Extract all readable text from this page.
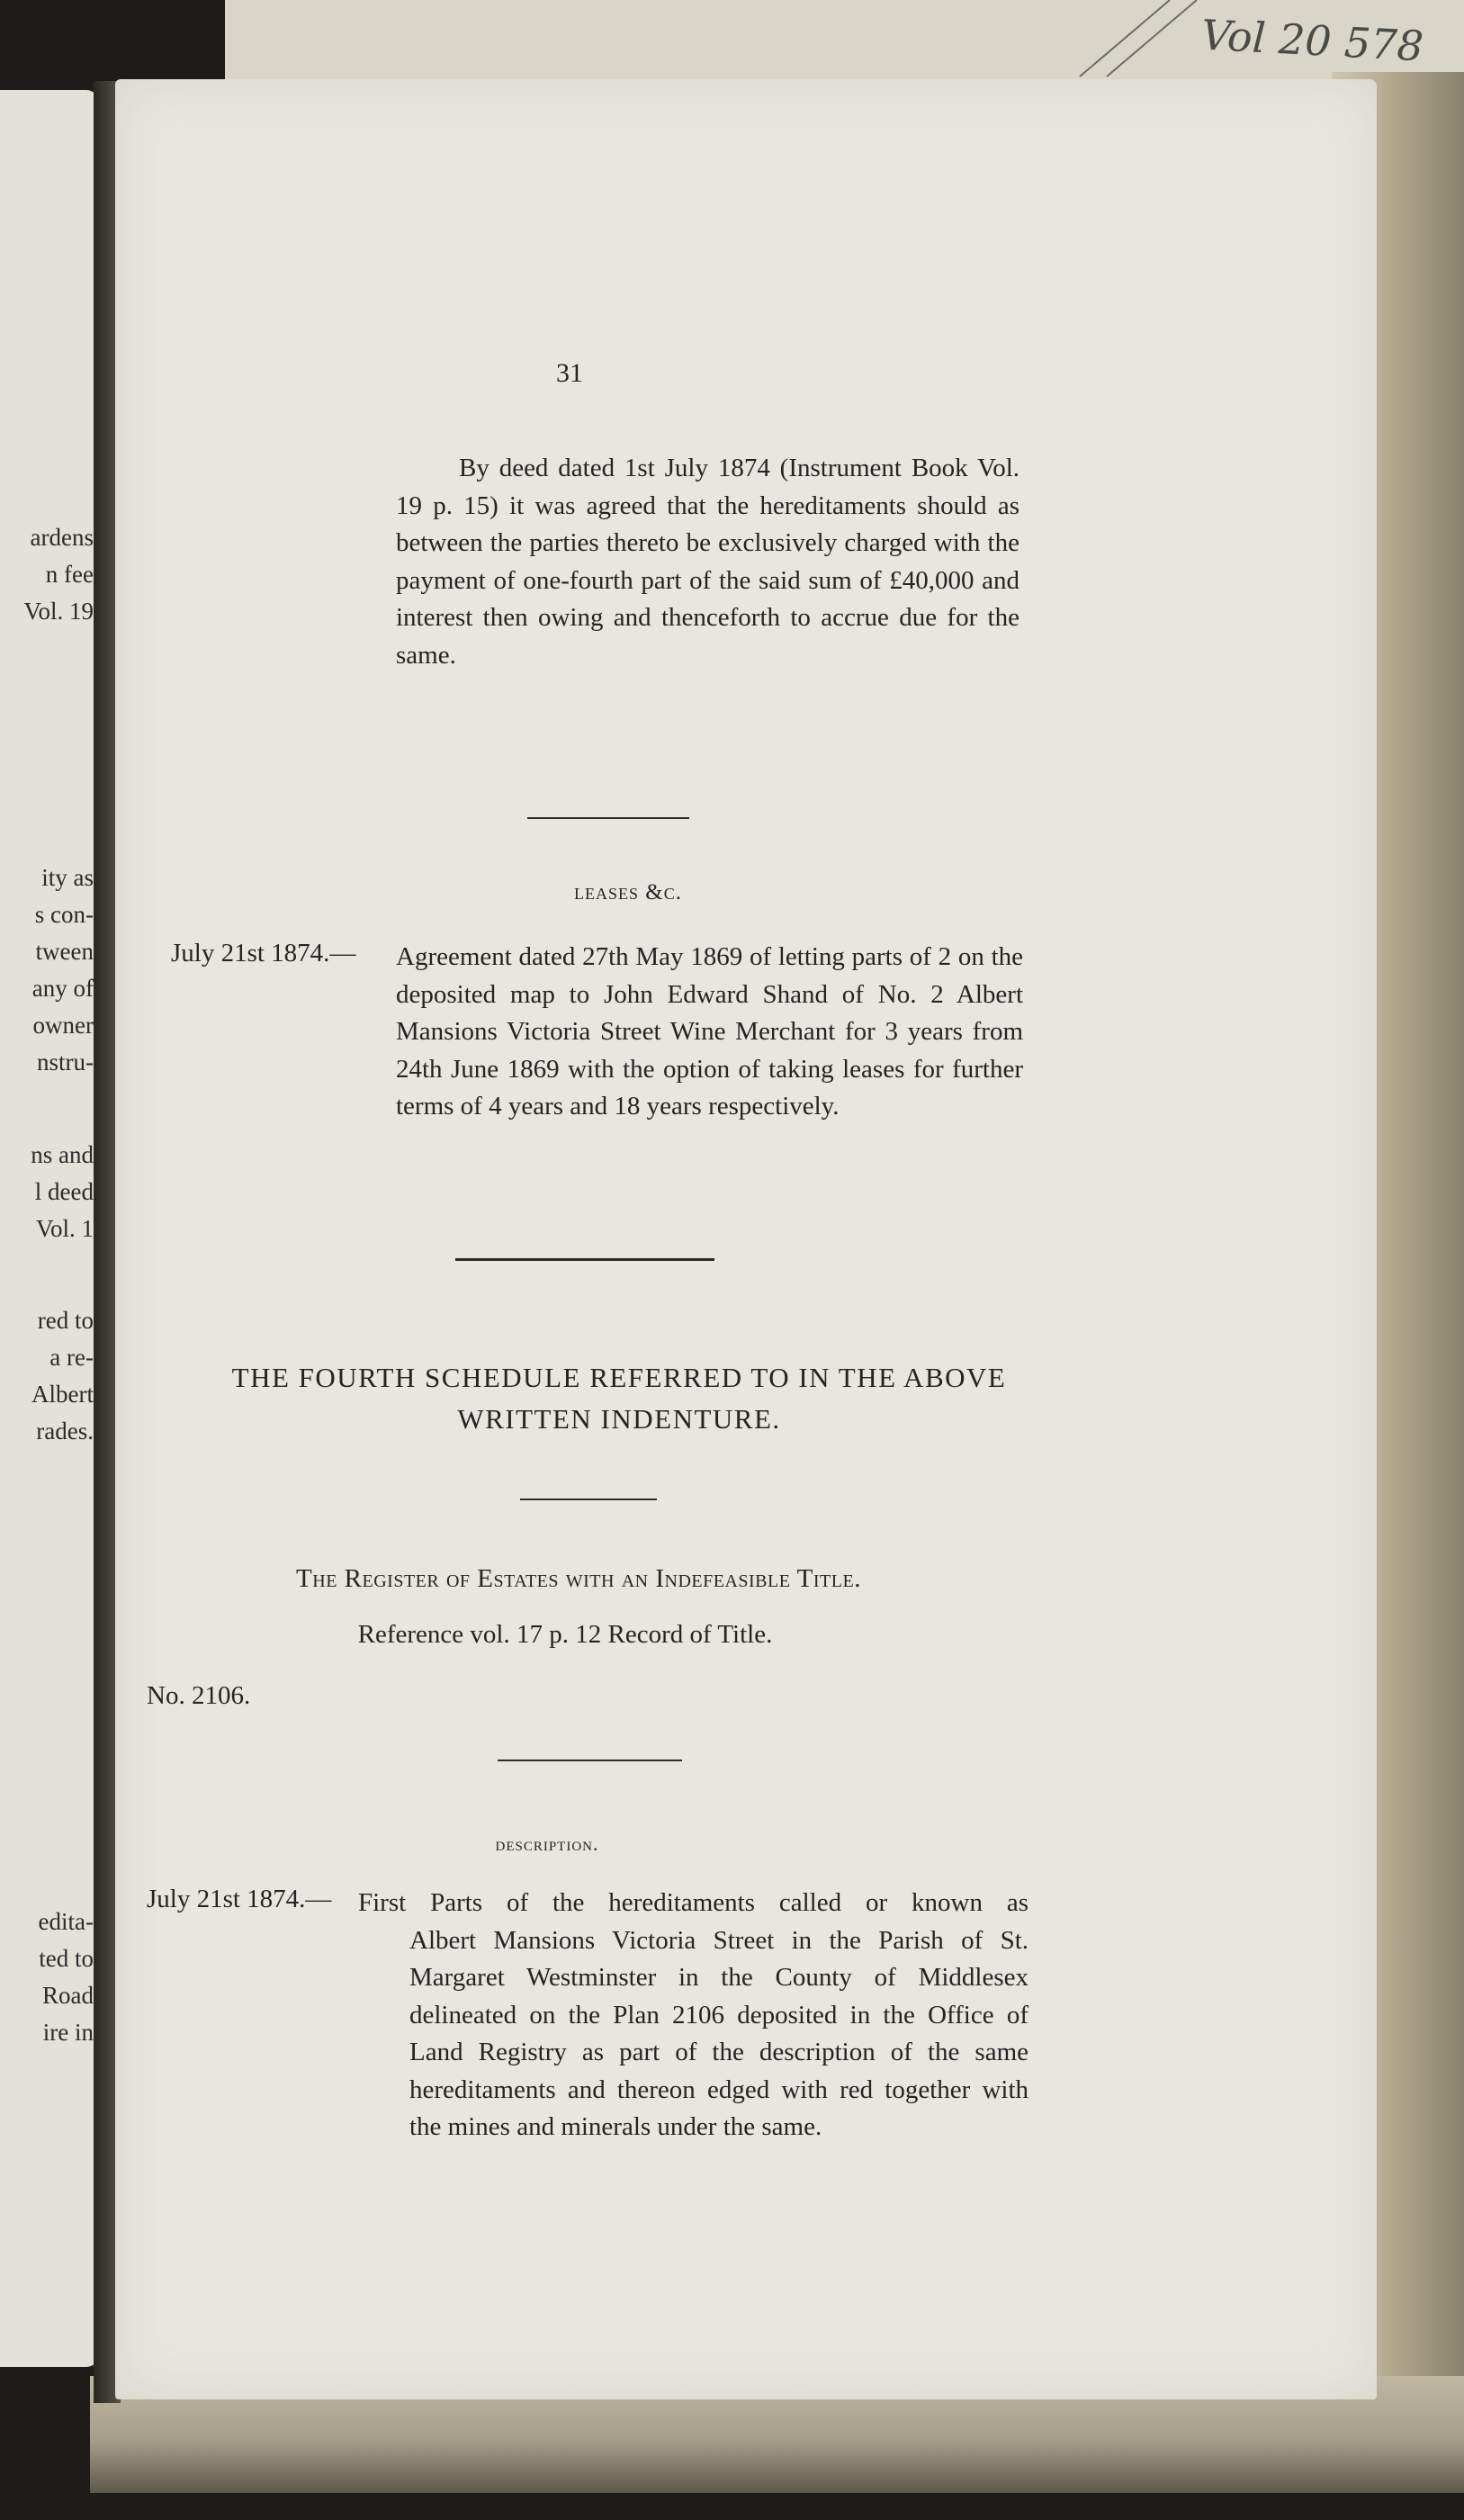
Vol 20 578
ardens
n fee
Vol. 19
ity as
s con-
tween
any of
owner
nstru-
ns and
l deed
Vol. 1
red to
a re-
Albert
rades.
edita-
ted to
Road
ire in
31
By deed dated 1st July 1874 (Instrument Book Vol. 19 p. 15) it was agreed that the hereditaments should as between the parties thereto be exclusively charged with the payment of one-fourth part of the said sum of £40,000 and interest then owing and thenceforth to accrue due for the same.
leases &c.
July 21st 1874.— Agreement dated 27th May 1869 of letting parts of 2 on the deposited map to John Edward Shand of No. 2 Albert Mansions Victoria Street Wine Merchant for 3 years from 24th June 1869 with the option of taking leases for further terms of 4 years and 18 years respectively.
THE FOURTH SCHEDULE REFERRED TO IN THE ABOVE
WRITTEN INDENTURE.
The Register of Estates with an Indefeasible Title.
Reference vol. 17 p. 12 Record of Title.
No. 2106.
description.
July 21st 1874.— First Parts of the hereditaments called or known as
Albert Mansions Victoria Street in the Parish of St. Margaret Westminster in the County of Middlesex delineated on the Plan 2106 deposited in the Office of Land Registry as part of the description of the same hereditaments and thereon edged with red together with the mines and minerals under the same.
